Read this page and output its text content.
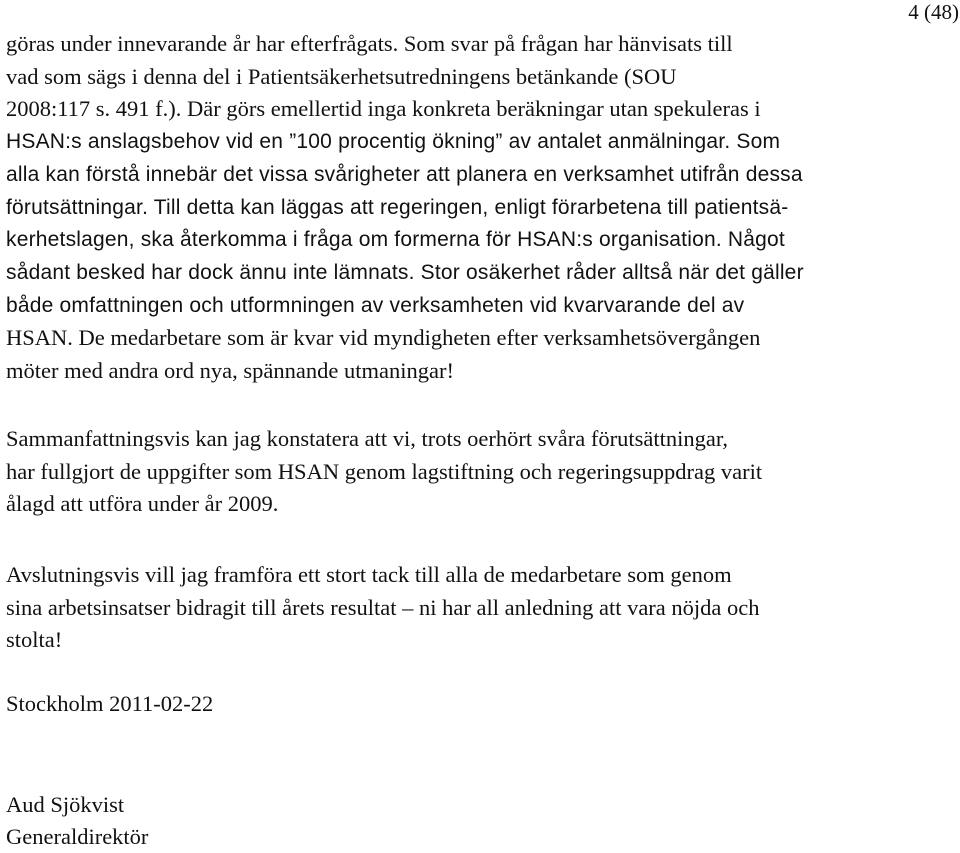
4 (48)

göras under innevarande år har efterfrågats. Som svar på frågan har hänvisats till
vad som sägs i denna del i Patientsäkerhetsutredningens betänkande (SOU
2008:117 s. 491 f.). Där görs emellertid inga konkreta beräkningar utan spekuleras i
HSAN:s anslagsbehov vid en ”100 procentig ökning” av antalet anmälningar. Som
alla kan förstå innebär det vissa svårigheter att planera en verksamhet utifrån dessa
förutsättningar. Till detta kan läggas att regeringen, enligt förarbetena till patientsä-
kerhetslagen, ska återkomma i fråga om formerna för HSAN:s organisation. Något
sådant besked har dock ännu inte lämnats. Stor osäkerhet råder alltså när det gäller
både omfattningen och utformningen av verksamheten vid kvarvarande del av
HSAN. De medarbetare som är kvar vid myndigheten efter verksamhetsövergången
möter med andra ord nya, spännande utmaningar!

Sammanfattningsvis kan jag konstatera att vi, trots oerhört svåra förutsättningar,
har fullgjort de uppgifter som HSAN genom lagstiftning och regeringsuppdrag varit
ålagd att utföra under år 2009.

Avslutningsvis vill jag framföra ett stort tack till alla de medarbetare som genom
sina arbetsinsatser bidragit till årets resultat – ni har all anledning att vara nöjda och
stolta!

Stockholm 2011-02-22

Aud Sjökvist
Generaldirektör
